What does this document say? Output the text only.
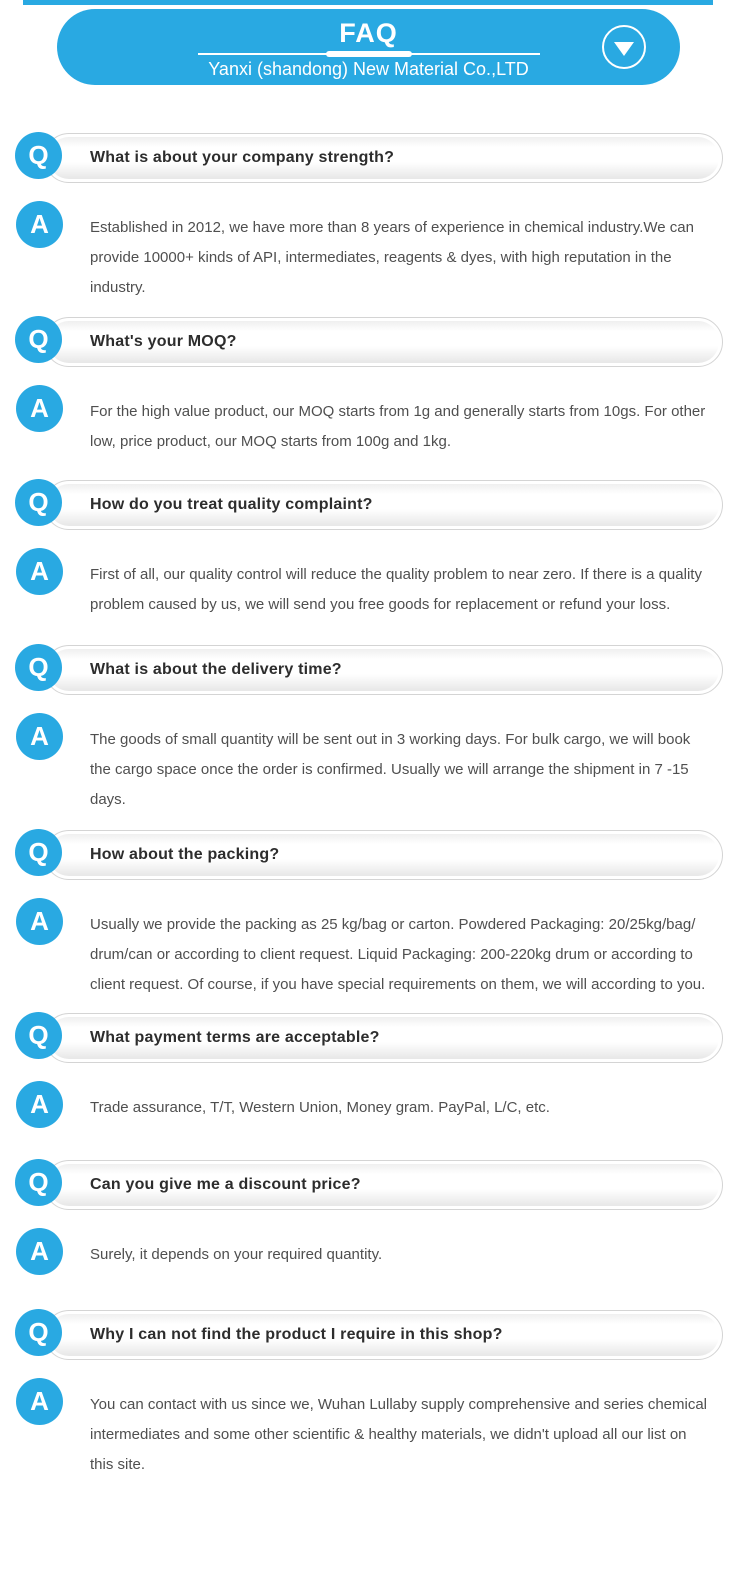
FAQ

Yanxi (shandong) New Material Co.,LTD

What is about your company strength?
Q
A	Established in 2012, we have more than 8 years of experience in chemical industry.We can provide 10000+ kinds of API, intermediates, reagents & dyes, with high reputation in the industry.

What's your MOQ?
Q
A	For the high value product, our MOQ starts from 1g and generally starts from 10gs. For other low, price product, our MOQ starts from 100g and 1kg.

How do you treat quality complaint?
Q
A	First of all, our quality control will reduce the quality problem to near zero. If there is a quality problem caused by us, we will send you free goods for replacement or refund your loss.

What is about the delivery time?
Q
A	The goods of small quantity will be sent out in 3 working days. For bulk cargo, we will book the cargo space once the order is confirmed. Usually we will arrange the shipment in 7 -15 days.

How about the packing?
Q
A	Usually we provide the packing as 25 kg/bag or carton. Powdered Packaging: 20/25kg/bag/ drum/can or according to client request. Liquid Packaging: 200-220kg drum or according to client request. Of course, if you have special requirements on them, we will according to you.

What payment terms are acceptable?
Q
A	Trade assurance, T/T, Western Union, Money gram. PayPal, L/C, etc.

Can you give me a discount price?
Q
A	Surely, it depends on your required quantity.

Why I can not find the product I require in this shop?
Q
A	You can contact with us since we, Wuhan Lullaby supply comprehensive and series chemical intermediates and some other scientific & healthy materials, we didn't upload all our list on this site.
